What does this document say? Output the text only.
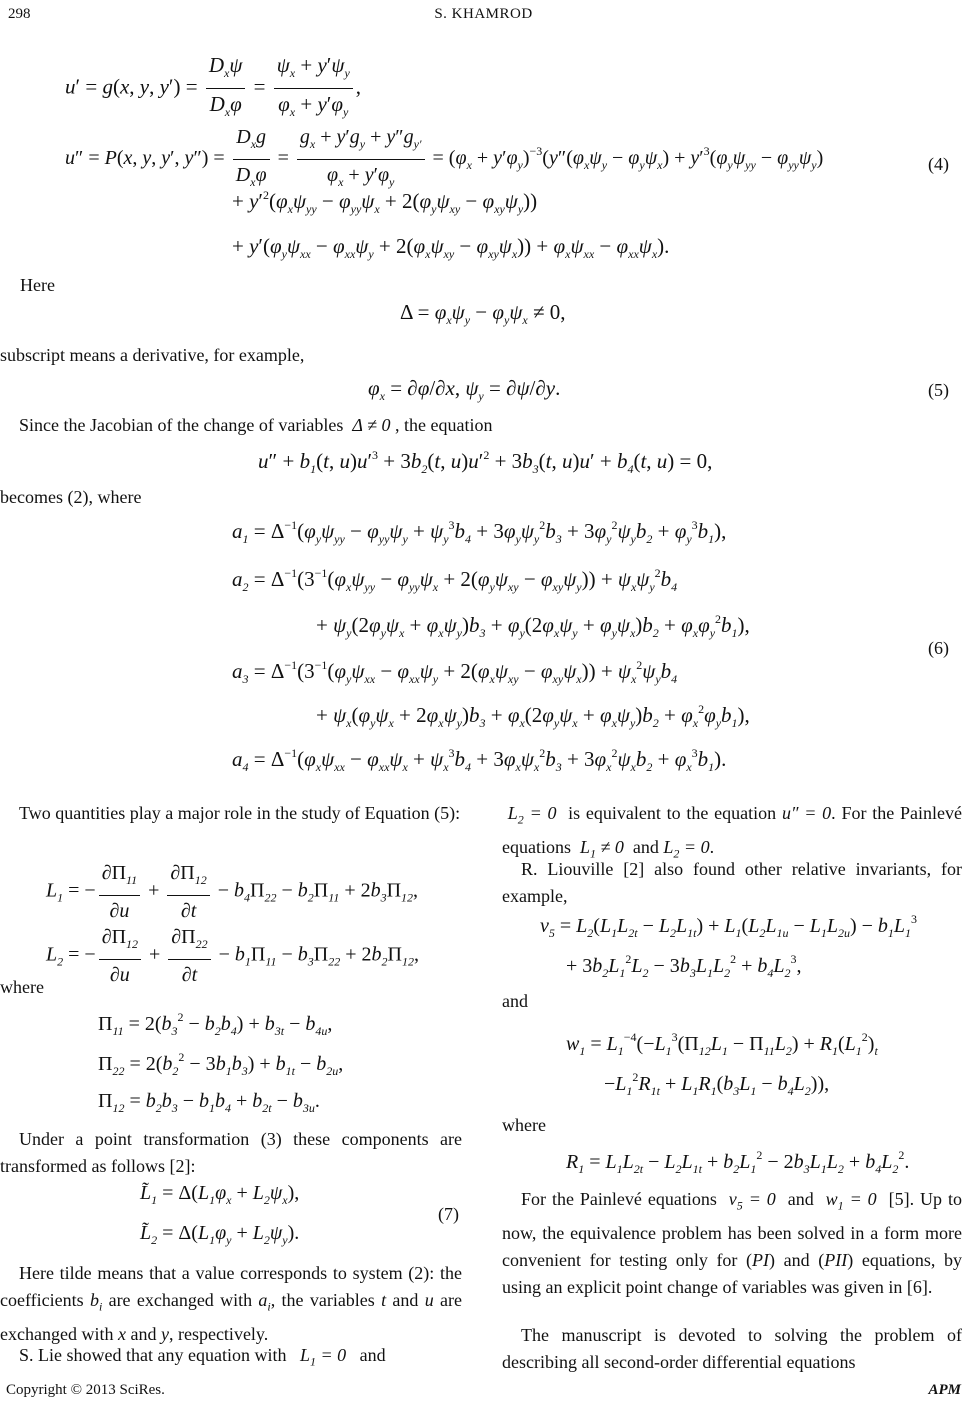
298	S. KHAMROD
u′ = g(x, y, $y') = \frac{D_x\psi}{D_x\varphi} = \frac{\psi_x + y'\psi_y}{\varphi_x + y'\varphi_y}$ ,
u″ = P(x, y, y′, $y'') = \frac{D_xg}{D_x\varphi} = \frac{g_x + y'g_y + y''g_{y'}}{\varphi_x + y'\varphi_y} = (\varphi_x + y'\varphi_y)^{-3}(y''(\varphi_x\psi_y - \varphi_y\psi_x) + y'^3(\varphi_y\psi_{yy} - \varphi_{yy}\psi_y)$
+ $y'^2(\varphi_x\psi_{yy} - \varphi_{yy}\psi_x + 2(\varphi_y\psi_{xy} - \varphi_{xy}\psi_y))$
+ $y'(\varphi_y\psi_{xx} - \varphi_{xx}\psi_y + 2(\varphi_x\psi_{xy} - \varphi_{xy}\psi_x)) + \varphi_x\psi_{xx} - \varphi_{xx}\psi_x$).
(4)
Here
$\Delta = \varphi_x\psi_y - \varphi_y\psi_x \ne 0$,
subscript means a derivative, for example,
$\varphi_x = \partial\varphi/\partial x$, $\psi_y = \partial\psi/\partial y$.	(5)
Since the Jacobian of the change of variables  Δ ≠ 0 , the equation
$u'' + b_1(t$, $u)u'^3 + 3b_2(t$, $u)u'^2 + 3b_3(t$, $u)u' + b_4(t$, u) = 0,
becomes (2), where
$a_1 = \Delta^{-1}(\varphi_y\psi_{yy} - \varphi_{yy}\psi_y + \psi_y^3b_4 + 3\varphi_y\psi_y^2b_3 + 3\varphi_y^2\psi_yb_2 + \varphi_y^3b_1)$,
$a_2 = \Delta^{-1}(3^{-1}(\varphi_x\psi_{yy} - \varphi_{yy}\psi_x + 2(\varphi_y\psi_{xy} - \varphi_{xy}\psi_y)) + \psi_x\psi_y^2b_4$
+ $\psi_y(2\varphi_y\psi_x + \varphi_x\psi_y)b_3 + \varphi_y(2\varphi_x\psi_y + \varphi_y\psi_x)b_2 + \varphi_x\varphi_y^2b_1$),
$a_3 = \Delta^{-1}(3^{-1}(\varphi_y\psi_{xx} - \varphi_{xx}\psi_y + 2(\varphi_x\psi_{xy} - \varphi_{xy}\psi_x)) + \psi_x^2\psi_yb_4$
+ $\psi_x(\varphi_y\psi_x + 2\varphi_x\psi_y)b_3 + \varphi_x(2\varphi_y\psi_x + \varphi_x\psi_y)b_2 + \varphi_x^2\varphi_yb_1$),
$a_4 = \Delta^{-1}(\varphi_x\psi_{xx} - \varphi_{xx}\psi_x + \psi_x^3b_4 + 3\varphi_x\psi_x^2b_3 + 3\varphi_x^2\psi_xb_2 + \varphi_x^3b_1)$.
(6)
Two quantities play a major role in the study of Equation (5):
$L_1$ = − $\frac{\partial\Pi_{11}}{\partial u} + \frac{\partial\Pi_{12}}{\partial t} - b_4\Pi_{22} - b_2\Pi_{11} + 2b_3\Pi_{12}$,
$L_2$ = − $\frac{\partial\Pi_{12}}{\partial u} + \frac{\partial\Pi_{22}}{\partial t} - b_1\Pi_{11} - b_3\Pi_{22} + 2b_2\Pi_{12}$,
where
$\Pi_{11} = 2(b_3^2 - b_2b_4) + b_{3t} - b_{4u}$,
$\Pi_{22} = 2(b_2^2 - 3b_1b_3) + b_{1t} - b_{2u}$,
$\Pi_{12} = b_2b_3 - b_1b_4 + b_{2t} - b_{3u}$.
Under a point transformation (3) these components are transformed as follows [2]:
$L̃_1 = \Delta(L_1\varphi_x + L_2\psi_x)$,
$L̃_2 = \Delta(L_1\varphi_y + L_2\psi_y)$.
(7)
Here tilde means that a value corresponds to system (2): the coefficients $b_i$ are exchanged with $a_i$, the variables t and u are exchanged with x and y, respectively.
S. Lie showed that any equation with   $L_1 = 0$   and
$L_2 = 0$  is equivalent to the equation u″ = 0. For the Painlevé equations  $L_1 \ne 0$  and $L_2 = 0$.
R. Liouville [2] also found other relative invariants, for example,
$v_5 = L_2(L_1L_{2t} - L_2L_{1t}) + L_1(L_2L_{1u} - L_1L_{2u}) - b_1L_1^3$
+ $3b_2L_1^2L_2 - 3b_3L_1L_2^2 + b_4L_2^3$,
and
$w_1 = L_1^{-4}(-L_1^3(\Pi_{12}L_1 - \Pi_{11}L_2) + R_1(L_1^2)_t$
$-L_1^2R_{1t} + L_1R_1(b_3L_1 - b_4L_2)$),
where
$R_1 = L_1L_{2t} - L_2L_{1t} + b_2L_1^2 - 2b_3L_1L_2 + b_4L_2^2$.
For the Painlevé equations  $v_5 = 0$  and  $w_1 = 0$  [5]. Up to now, the equivalence problem has been solved in a form more convenient for testing only for (PI) and (PII) equations, by using an explicit point change of variables was given in [6].
The manuscript is devoted to solving the problem of describing all second-order differential equations
Copyright © 2013 SciRes.	APM
